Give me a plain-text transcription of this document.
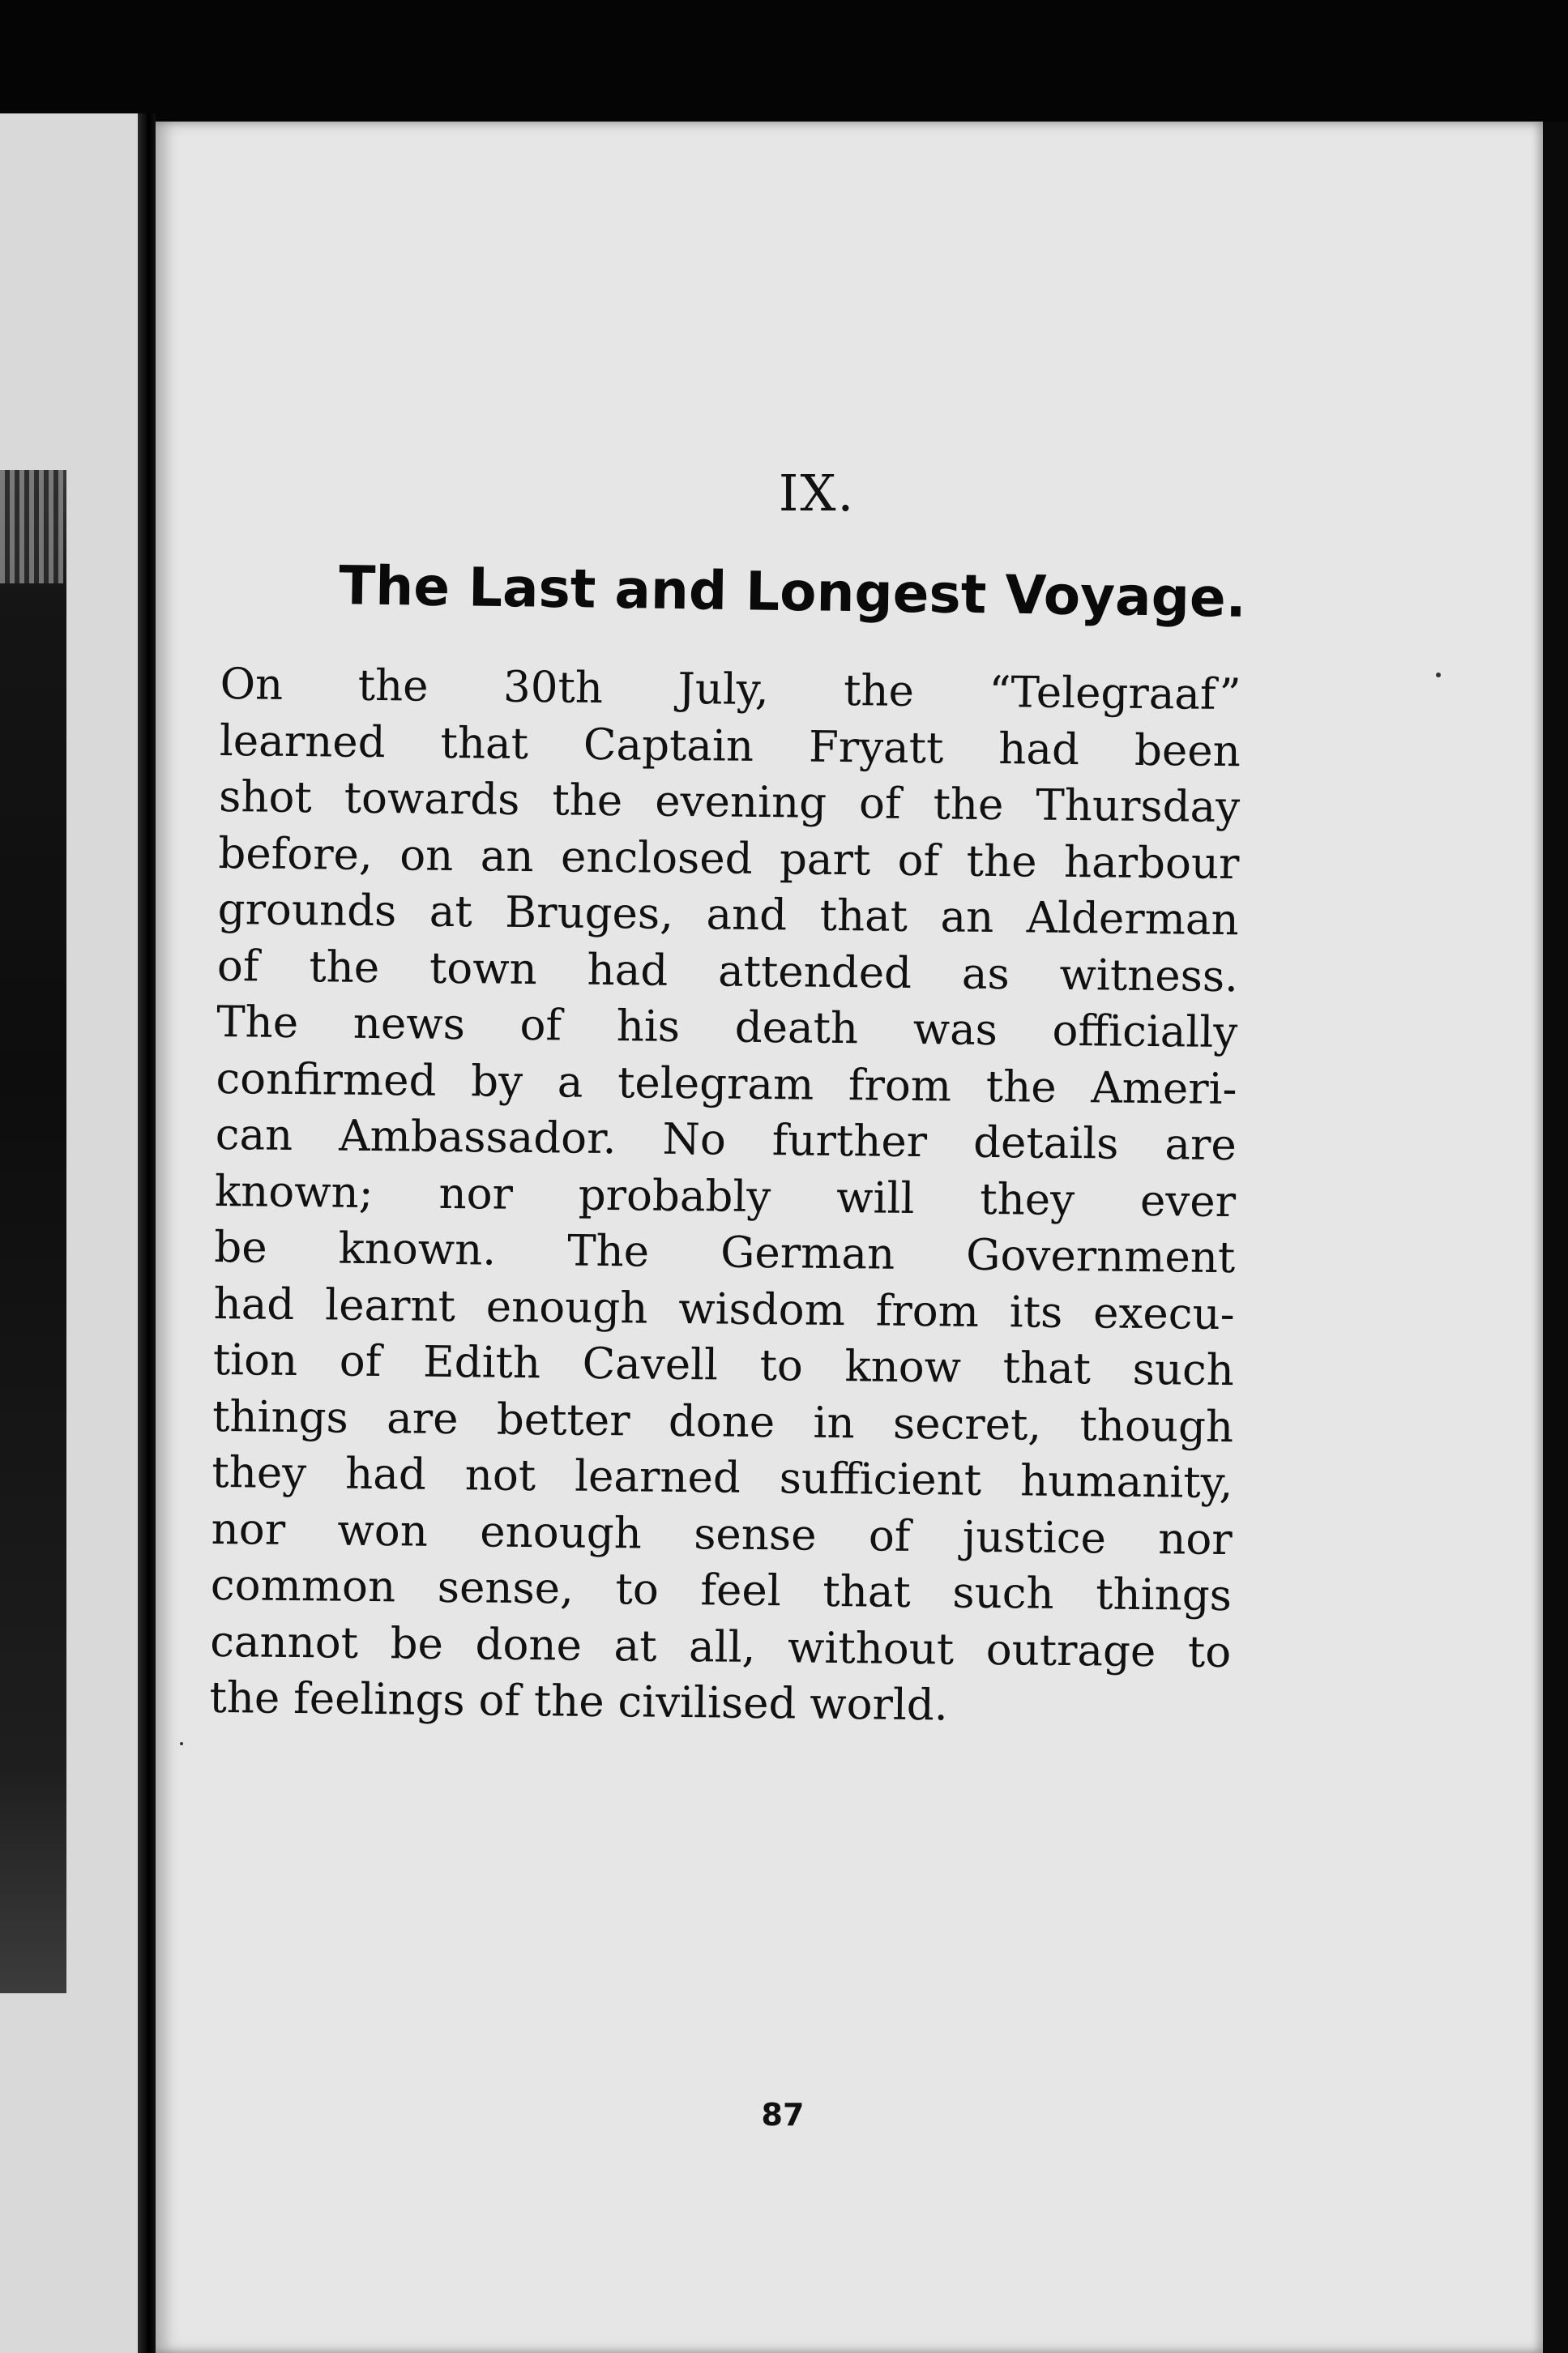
IX.
The Last and Longest Voyage.
On the 30th July, the “Telegraaf”
learned that Captain Fryatt had been
shot towards the evening of the Thursday
before, on an enclosed part of the harbour
grounds at Bruges, and that an Alderman
of the town had attended as witness.
The news of his death was officially
confirmed by a telegram from the Ameri-
can Ambassador. No further details are
known; nor probably will they ever
be known. The German Government
had learnt enough wisdom from its execu-
tion of Edith Cavell to know that such
things are better done in secret, though
they had not learned sufficient humanity,
nor won enough sense of justice nor
common sense, to feel that such things
cannot be done at all, without outrage to
the feelings of the civilised world.
87
